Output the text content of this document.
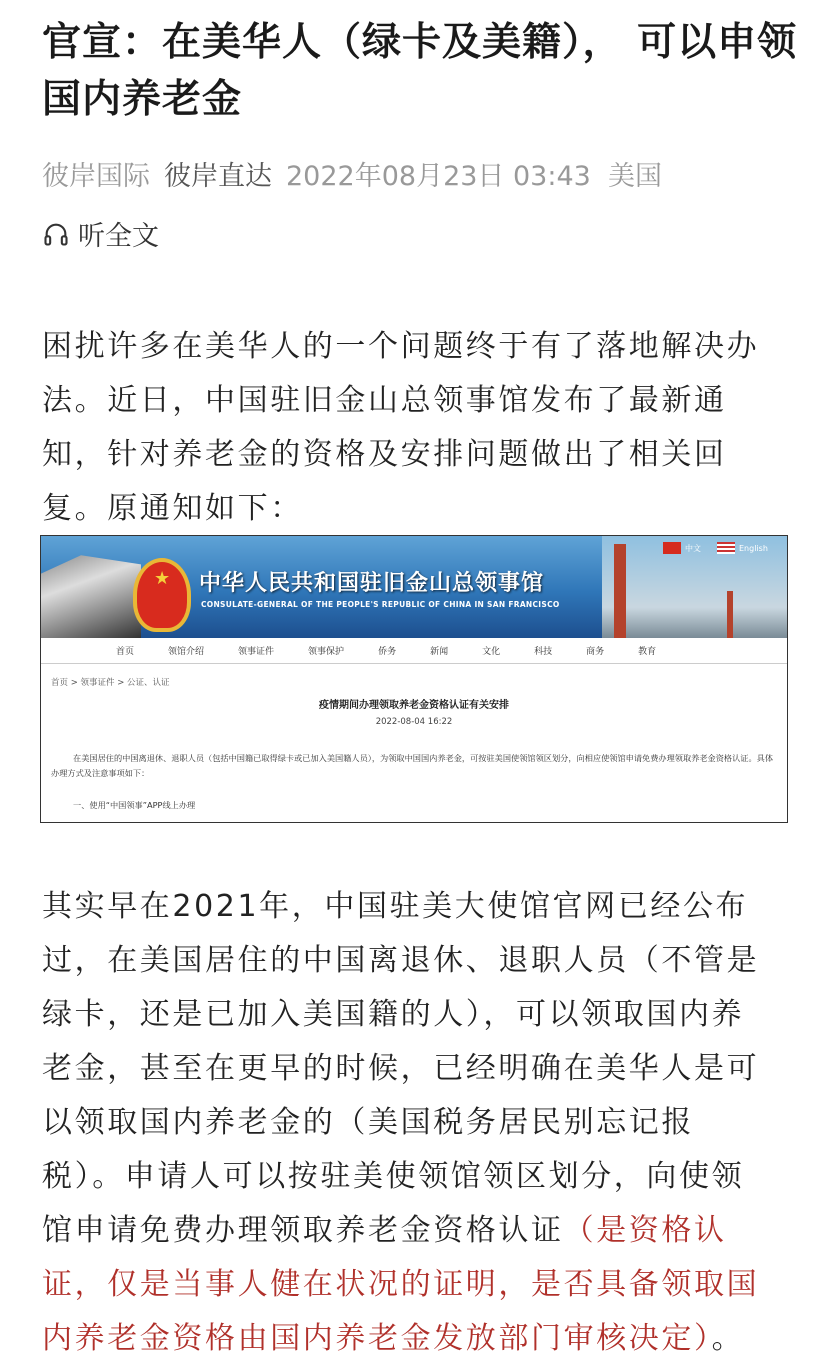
官宣：在美华人（绿卡及美籍）， 可以申领国内养老金
彼岸国际 彼岸直达 2022年08月23日 03:43 美国
听全文
困扰许多在美华人的一个问题终于有了落地解决办
法。近日，中国驻旧金山总领事馆发布了最新通
知，针对养老金的资格及安排问题做出了相关回
复。原通知如下：
★
中华人民共和国驻旧金山总领事馆
CONSULATE-GENERAL OF THE PEOPLE'S REPUBLIC OF CHINA IN SAN FRANCISCO
中文	English
首页	领馆介绍	领事证件	领事保护	侨务	新闻	文化	科技	商务	教育
首页 > 领事证件 > 公证、认证
疫情期间办理领取养老金资格认证有关安排
2022-08-04 16:22
在美国居住的中国离退休、退职人员（包括中国籍已取得绿卡或已加入美国籍人员），为领取中国国内养老金，可按驻美国使领馆领区划分，向相应使领馆申请免费办理领取养老金资格认证。具体办理方式及注意事项如下：
一、使用“中国领事”APP线上办理
其实早在2021年，中国驻美大使馆官网已经公布
过，在美国居住的中国离退休、退职人员（不管是
绿卡，还是已加入美国籍的人），可以领取国内养
老金，甚至在更早的时候，已经明确在美华人是可
以领取国内养老金的（美国税务居民别忘记报
税）。申请人可以按驻美使领馆领区划分，向使领
馆申请免费办理领取养老金资格认证（是资格认
证，仅是当事人健在状况的证明，是否具备领取国
内养老金资格由国内养老金发放部门审核决定）。
